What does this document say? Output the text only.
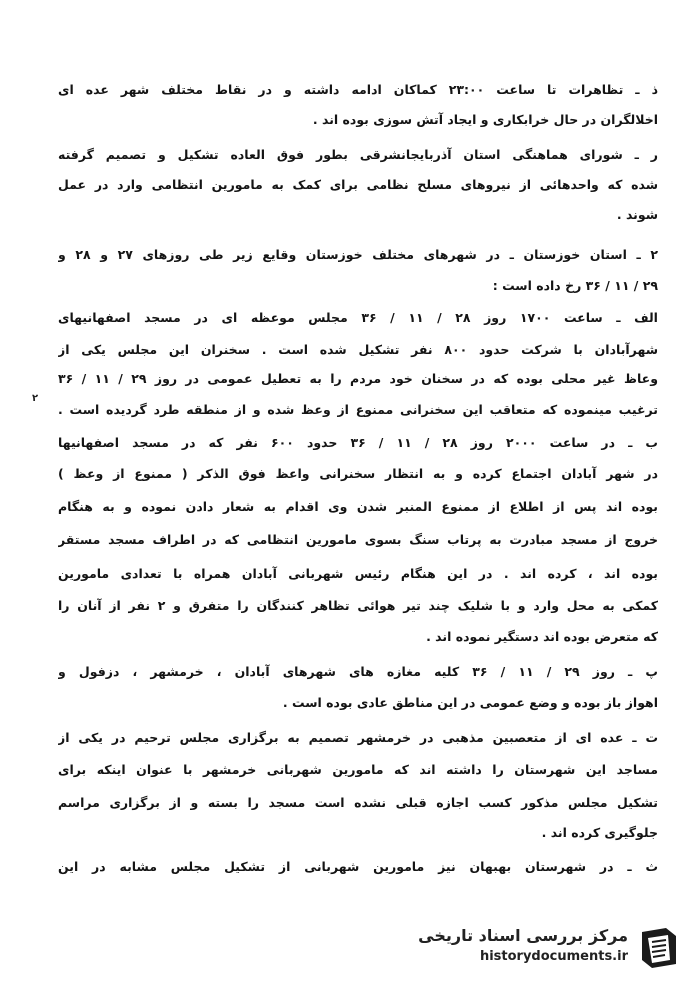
ذ ـ تظاهرات تا ساعت ۲۳:۰۰ کماکان ادامه داشته و در نقاط مختلف شهر عده ای
اخلالگران در حال خرابکاری و ایجاد آتش سوزی بوده اند .
ر ـ شورای هماهنگی استان آذربایجانشرقی بطور فوق العاده تشکیل و تصمیم گرفته
شده که واحدهائی از نیروهای مسلح نظامی برای کمک به مامورین انتظامی وارد در عمل
شوند .
۲ ـ استان خوزستان ـ در شهرهای مختلف خوزستان وقایع زیر طی روزهای ۲۷ و ۲۸ و
۲۹ / ۱۱ / ۳۶ رخ داده است :
الف ـ ساعت ۱۷۰۰ روز ۲۸ / ۱۱ / ۳۶ مجلس موعظه ای در مسجد اصفهانیهای
شهرآبادان با شرکت حدود ۸۰۰ نفر تشکیل شده است . سخنران این مجلس یکی از
وعاظ غیر محلی بوده که در سخنان خود مردم را به تعطیل عمومی در روز ۲۹ / ۱۱ / ۳۶
ترغیب مینموده که متعاقب این سخنرانی ممنوع از وعظ شده و از منطقه طرد گردیده است .
ب ـ در ساعت ۲۰۰۰ روز ۲۸ / ۱۱ / ۳۶ حدود ۶۰۰ نفر که در مسجد اصفهانیها
در شهر آبادان اجتماع کرده و به انتظار سخنرانی واعظ فوق الذکر ( ممنوع از وعظ )
بوده اند پس از اطلاع از ممنوع المنبر شدن وی اقدام به شعار دادن نموده و به هنگام
خروج از مسجد مبادرت به پرتاب سنگ بسوی مامورین انتظامی که در اطراف مسجد مستقر
بوده اند ، کرده اند . در این هنگام رئیس شهربانی آبادان همراه با تعدادی مامورین
کمکی به محل وارد و با شلیک چند تیر هوائی تظاهر کنندگان را متفرق و ۲ نفر از آنان را
که متعرض بوده اند دستگیر نموده اند .
پ ـ روز ۲۹ / ۱۱ / ۳۶ کلیه مغازه های شهرهای آبادان ، خرمشهر ، دزفول و
اهواز باز بوده و وضع عمومی در این مناطق عادی بوده است .
ت ـ عده ای از متعصبین مذهبی در خرمشهر تصمیم به برگزاری مجلس ترحیم در یکی از
مساجد این شهرستان را داشته اند که مامورین شهربانی خرمشهر با عنوان اینکه برای
تشکیل مجلس مذکور کسب اجازه قبلی نشده است مسجد را بسته و از برگزاری مراسم
جلوگیری کرده اند .
ث ـ در شهرستان بهبهان نیز مامورین شهربانی از تشکیل مجلس مشابه در این
۲
مرکز بررسی اسناد تاریخی
historydocuments.ir
